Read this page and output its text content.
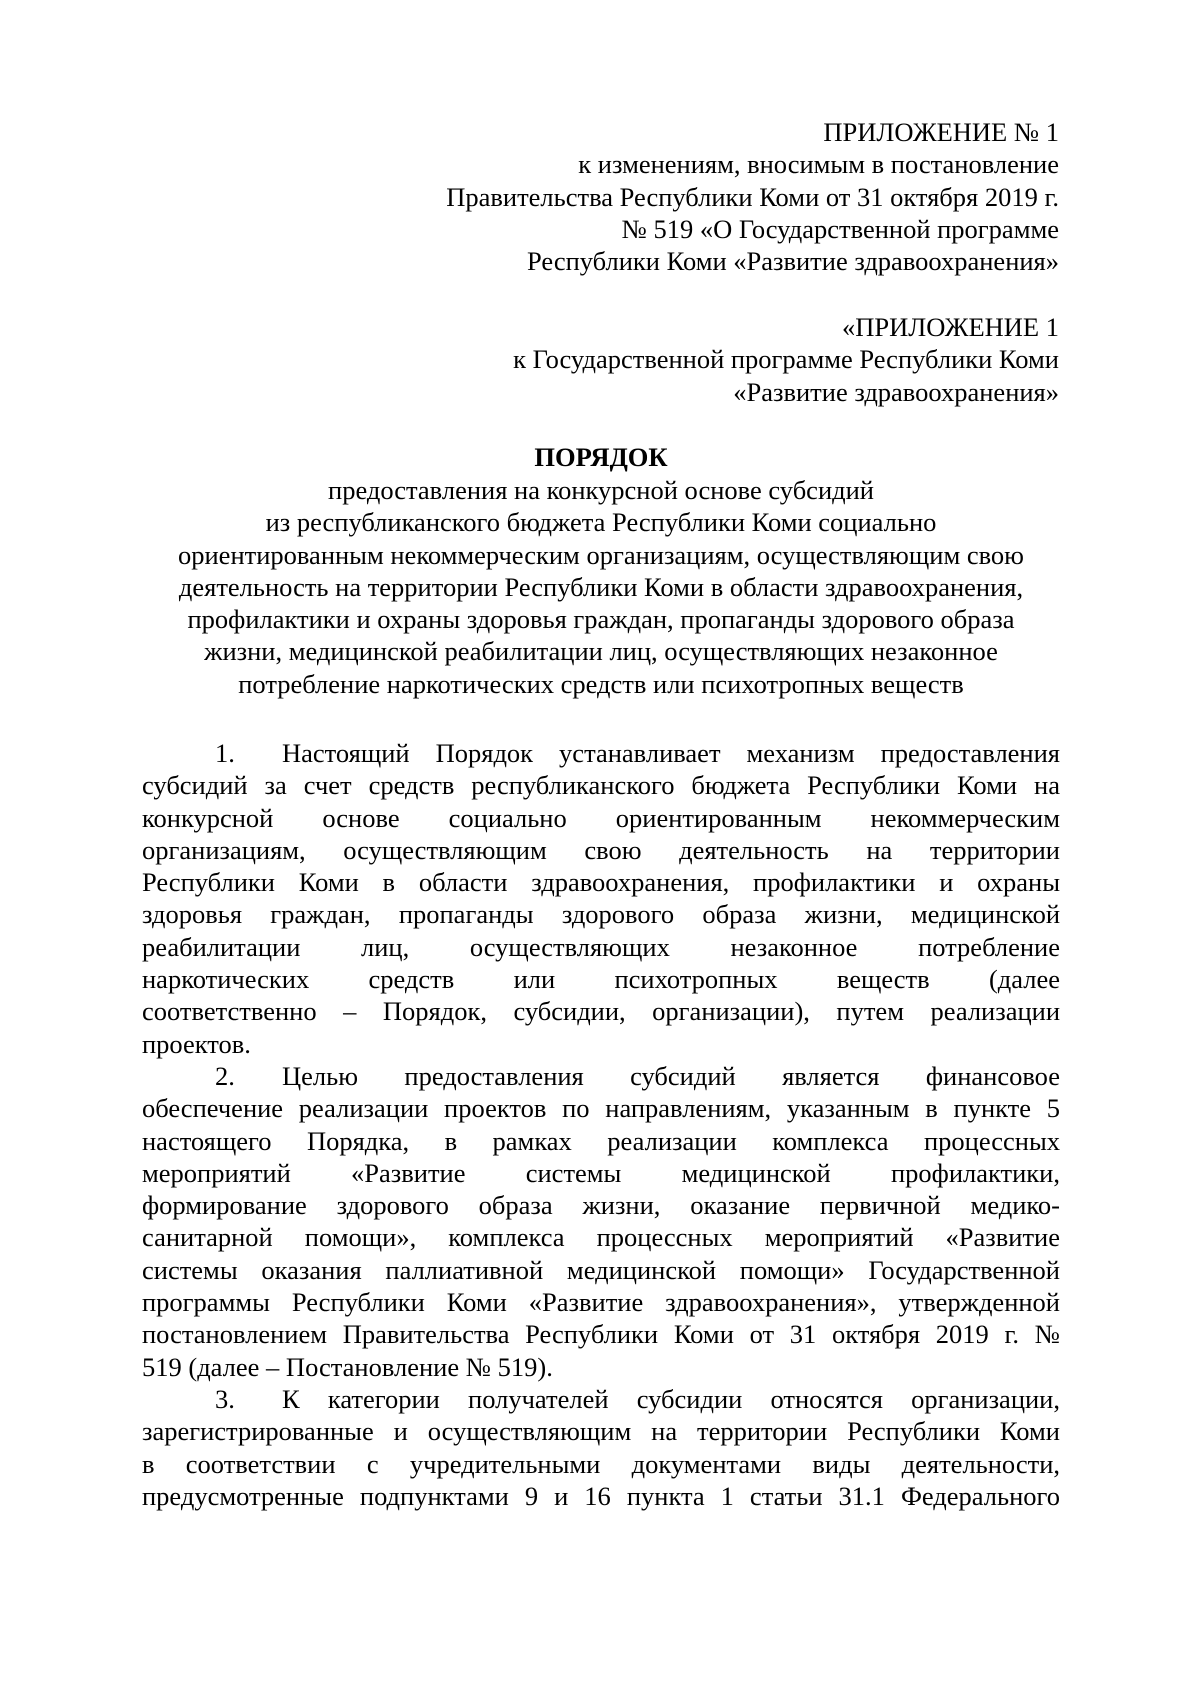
ПРИЛОЖЕНИЕ № 1
к изменениям, вносимым в постановление
Правительства Республики Коми от 31 октября 2019 г.
№ 519 «О Государственной программе
Республики Коми «Развитие здравоохранения»
«ПРИЛОЖЕНИЕ 1
к Государственной программе Республики Коми
«Развитие здравоохранения»
ПОРЯДОК
предоставления на конкурсной основе субсидий
из республиканского бюджета Республики Коми социально
ориентированным некоммерческим организациям, осуществляющим свою
деятельность на территории Республики Коми в области здравоохранения,
профилактики и охраны здоровья граждан, пропаганды здорового образа
жизни, медицинской реабилитации лиц, осуществляющих незаконное
потребление наркотических средств или психотропных веществ
1. Настоящий Порядок устанавливает механизм предоставления
субсидий за счет средств республиканского бюджета Республики Коми на
конкурсной основе социально ориентированным некоммерческим
организациям, осуществляющим свою деятельность на территории
Республики Коми в области здравоохранения, профилактики и охраны
здоровья граждан, пропаганды здорового образа жизни, медицинской
реабилитации лиц, осуществляющих незаконное потребление
наркотических средств или психотропных веществ (далее
соответственно – Порядок, субсидии, организации), путем реализации
проектов.
2. Целью предоставления субсидий является финансовое
обеспечение реализации проектов по направлениям, указанным в пункте 5
настоящего Порядка, в рамках реализации комплекса процессных
мероприятий «Развитие системы медицинской профилактики,
формирование здорового образа жизни, оказание первичной медико-
санитарной помощи», комплекса процессных мероприятий «Развитие
системы оказания паллиативной медицинской помощи» Государственной
программы Республики Коми «Развитие здравоохранения», утвержденной
постановлением Правительства Республики Коми от 31 октября 2019 г. №
519 (далее – Постановление № 519).
3. К категории получателей субсидии относятся организации,
зарегистрированные и осуществляющим на территории Республики Коми
в соответствии с учредительными документами виды деятельности,
предусмотренные подпунктами 9 и 16 пункта 1 статьи 31.1 Федерального
